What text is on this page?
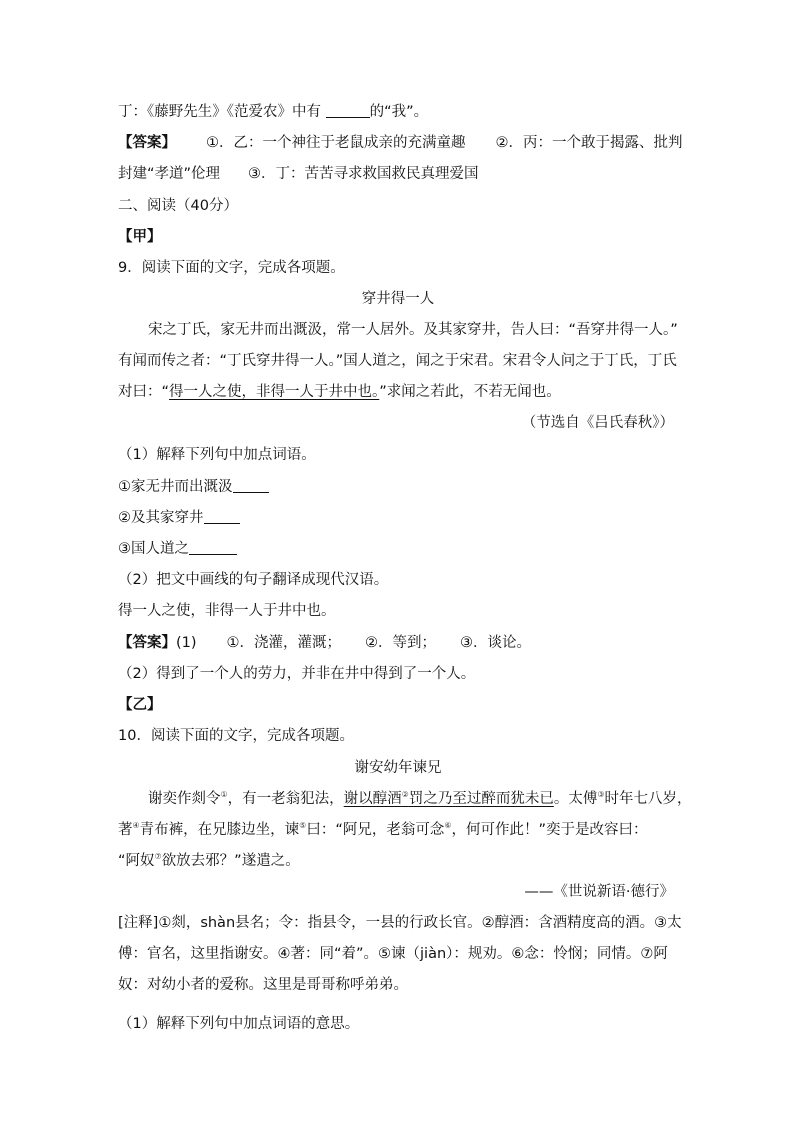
丁：《藤野先生》《范爱农》中有	的“我”。
【答案】 ①．乙：一个神往于老鼠成亲的充满童趣 ②．丙：一个敢于揭露、批判
封建“孝道”伦理 ③．丁：苦苦寻求救国救民真理爱国
二、阅读（40分）
【甲】
9．阅读下面的文字，完成各项题。
穿井得一人
宋之丁氏，家无井而出溉汲，常一人居外。及其家穿井，告人曰：“吾穿井得一人。”
有闻而传之者：“丁氏穿井得一人。”国人道之，闻之于宋君。宋君令人问之于丁氏，丁氏
对曰：“得一人之使，非得一人于井中也。”求闻之若此，不若无闻也。
（节选自《吕氏春秋》）
（1）解释下列句中加点词语。
①家无井而出溉汲
②及其家穿井
③国人道之
（2）把文中画线的句子翻译成现代汉语。
得一人之使，非得一人于井中也。
【答案】(1) ①．浇灌，灌溉； ②．等到； ③．谈论。
（2）得到了一个人的劳力，并非在井中得到了一个人。
【乙】
10．阅读下面的文字，完成各项题。
谢安幼年谏兄
谢奕作剡令①，有一老翁犯法，谢以醇酒②罚之乃至过醉而犹未已。太傅③时年七八岁，
著④青布裤，在兄膝边坐，谏⑤曰：“阿兄，老翁可念⑥，何可作此！”奕于是改容曰：
“阿奴⑦欲放去邪？”遂遣之。
——《世说新语·德行》
[注释]①剡，shàn县名；令：指县令，一县的行政长官。②醇酒：含酒精度高的酒。③太
傅：官名，这里指谢安。④著：同“着”。⑤谏（jiàn）：规劝。⑥念：怜悯；同情。⑦阿
奴：对幼小者的爱称。这里是哥哥称呼弟弟。
（1）解释下列句中加点词语的意思。
